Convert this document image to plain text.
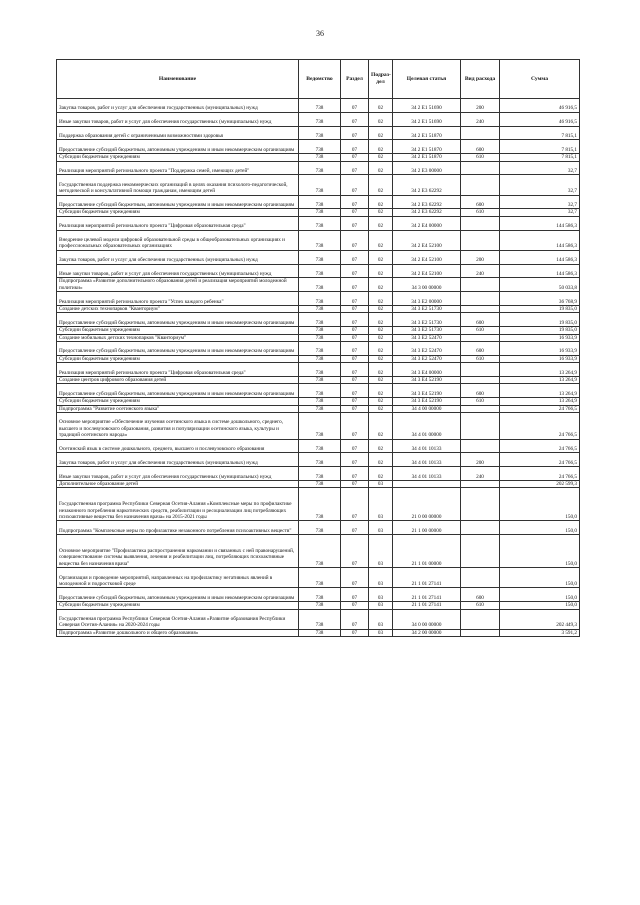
36
Наименование	Ведомство	Раздел	Подраз- дел	Целевая статья	Вид расхода	Сумма
Закупка товаров, работ и услуг для обеспечения государственных (муниципальных) нужд	738	07	02	34 2 E1 51690	200	46 916,5
Иные закупки товаров, работ и услуг для обеспечения государственных (муниципальных) нужд	738	07	02	34 2 E1 51690	240	46 916,5
Поддержка образования детей с ограниченными возможностями здоровья	738	07	02	34 2 E1 51870		7 815,1
Предоставление субсидий бюджетным, автономным учреждениям и иным некоммерческим организациям	738	07	02	34 2 E1 51870	600	7 815,1
Субсидии бюджетным учреждениям	738	07	02	34 2 E1 51870	610	7 815,1
Реализация мероприятий регионального проекта "Поддержка семей, имеющих детей"	738	07	02	34 2 E3 00000		32,7
Государственная поддержка некоммерческих организаций в целях оказания психолого-педагогической, методической и консультативной помощи гражданам, имеющим детей	738	07	02	34 2 E3 62292		32,7
Предоставление субсидий бюджетным, автономным учреждениям и иным некоммерческим организациям	738	07	02	34 2 E3 62292	600	32,7
Субсидии бюджетным учреждениям	738	07	02	34 2 E3 62292	610	32,7
Реализация мероприятий регионального проекта "Цифровая образовательная среда"	738	07	02	34 2 E4 00000		144 586,3
Внедрение целевой модели цифровой образовательной среды в общеобразовательных организациях и профессиональных образовательных организациях	738	07	02	34 2 E4 52100		144 586,3
Закупка товаров, работ и услуг для обеспечения государственных (муниципальных) нужд	738	07	02	34 2 E4 52100	200	144 586,3
Иные закупки товаров, работ и услуг для обеспечения государственных (муниципальных) нужд	738	07	02	34 2 E4 52100	240	144 586,3
Подпрограмма «Развитие дополнительного образования детей и реализация мероприятий молодежной политики»	738	07	02	34 3 00 00000		50 033,8
Реализация мероприятий регионального проекта "Успех каждого ребенка"	738	07	02	34 3 E2 00000		36 768,9
Создание детских технопарков "Кванториум"	738	07	02	34 3 E2 51730		19 835,0
Предоставление субсидий бюджетным, автономным учреждениям и иным некоммерческим организациям	738	07	02	34 3 E2 51730	600	19 835,0
Субсидии бюджетным учреждениям	738	07	02	34 3 E2 51730	610	19 835,0
Создание мобильных детских технопарков "Кванториум"	738	07	02	34 3 E2 52470		16 933,9
Предоставление субсидий бюджетным, автономным учреждениям и иным некоммерческим организациям	738	07	02	34 3 E2 52470	600	16 933,9
Субсидии бюджетным учреждениям	738	07	02	34 3 E2 52470	610	16 933,9
Реализация мероприятий регионального проекта "Цифровая образовательная среда"	738	07	02	34 3 E4 00000		13 264,9
Создание центров цифрового образования детей	738	07	02	34 3 E4 52190		13 264,9
Предоставление субсидий бюджетным, автономным учреждениям и иным некоммерческим организациям	738	07	02	34 3 E4 52190	600	13 264,9
Субсидии бюджетным учреждениям	738	07	02	34 3 E4 52190	610	13 264,9
Подпрограмма "Развитие осетинского языка"	738	07	02	34 4 00 00000		24 766,5
Основное мероприятие «Обеспечение изучения осетинского языка в системе дошкольного, среднего, высшего и послевузовского образования, развития и популяризации осетинского языка, культуры и традиций осетинского народа»	738	07	02	34 4 01 00000		24 766,5
Осетинский язык в системе дошкольного, среднего, высшего и послевузовского образования	738	07	02	34 4 01 10133		24 766,5
Закупка товаров, работ и услуг для обеспечения государственных (муниципальных) нужд	738	07	02	34 4 01 10133	200	24 766,5
Иные закупки товаров, работ и услуг для обеспечения государственных (муниципальных) нужд	738	07	02	34 4 01 10133	240	24 766,5
Дополнительное образование детей	738	07	03			202 599,3
Государственная программа Республики Северная Осетия-Алания «Комплексные меры по профилактике незаконного потребления наркотических средств, реабилитации и ресоциализации лиц потребляющих психоактивные вещества без назначения врача» на 2015-2021 годы	738	07	03	21 0 00 00000		150,0
Подпрограмма "Комплексные меры по профилактике незаконного потребления психоактивных веществ"	738	07	03	21 1 00 00000		150,0
Основное мероприятие "Профилактика распространения наркомании и связанных с ней правонарушений, совершенствование системы выявления, лечения и реабилитации лиц, потребляющих психоактивные вещества без назначения врача"	738	07	03	21 1 01 00000		150,0
Организация и проведение мероприятий, направленных на профилактику негативных явлений в молодежной и подростковой среде	738	07	03	21 1 01 27141		150,0
Предоставление субсидий бюджетным, автономным учреждениям и иным некоммерческим организациям	738	07	03	21 1 01 27141	600	150,0
Субсидии бюджетным учреждениям	738	07	03	21 1 01 27141	610	150,0
Государственная программа Республики Северная Осетия-Алания «Развитие образования Республики Северная Осетия-Алания» на 2020-2024 годы	738	07	03	34 0 00 00000		202 449,3
Подпрограмма «Развитие дошкольного и общего образования»	738	07	03	34 2 00 00000		3 591,2
